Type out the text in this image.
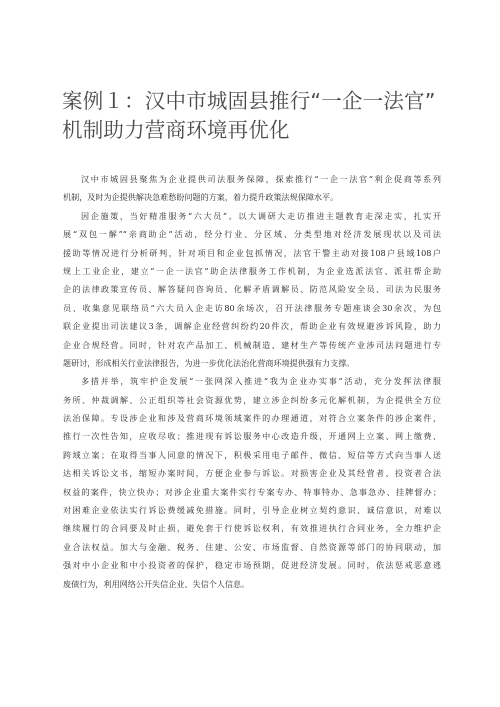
案例１：汉中市城固县推行“一企一法官”
机制助力营商环境再优化
汉中市城固县聚焦为企业提供司法服务保障，探索推行“一企一法官“利企促商等系列
机制，及时为企提供解决急难愁盼问题的方案，着力提升政策法规保障水平。
因企施策，当好精准服务“六大员”。以大调研大走访推进主题教育走深走实，扎实开
展“双包一解”“亲商助企”活动，经分行业、分区域、分类型地对经济发展现状以及司法
援助等情况进行分析研判，针对项目和企业包抓情况，法官干警主动对接108户县域108户
规上工业企业，建立“一企一法官”助企法律服务工作机制，为企业选派法官、派驻帮企助
企的法律政策宣传员、解答疑问咨询员、化解矛盾调解员、防范风险安全员、司法为民服务
员、收集意见联络员“六大员入企走访80余场次，召开法律服务专题座谈会30余次，为包
联企业提出司法建议3条，调解企业经营纠纷约20件次，帮助企业有效规避涉诉风险，助力
企业合规经营。同时，针对农产品加工、机械制造、建材生产等传统产业涉司法问题进行专
题研讨，形成相关行业法律报告，为进一步优化法治化营商环境提供强有力支撑。
多措并举，筑牢护企发展“一张网深入推进“我为企业办实事”活动，充分发挥法律服
务所、仲裁调解、公正组织等社会资源优势，建立涉企纠纷多元化解机制，为企提供全方位
法治保障。专设涉企业和涉及营商环境领域案件的办理通道，对符合立案条件的涉企案件，
推行一次性告知，应收尽收；推进现有诉讼服务中心改造升级，开通网上立案、网上缴费、
跨域立案；在取得当事人同意的情况下，积极采用电子邮件、微信、短信等方式向当事人送
达相关诉讼文书，缩短办案时间，方便企业参与诉讼。对损害企业及其经营者、投资者合法
权益的案件，快立快办；对涉企业重大案件实行专案专办、特事特办、急事急办、挂牌督办；
对困难企业依法实行诉讼费缓减免措施。同时，引导企业树立契约意识、诚信意识，对难以
继续履行的合同要及时止损，避免套于行使诉讼权利，有效推进执行合同业务，全力维护企
业合法权益。加大与金融、税务、住建、公安、市场监督、自然资源等部门的协同联动，加
强对中小企业和中小投资者的保护，稳定市场预期，促进经济发展。同时，依法惩戒恶意逃
废债行为，利用网络公开失信企业、失信个人信息。
